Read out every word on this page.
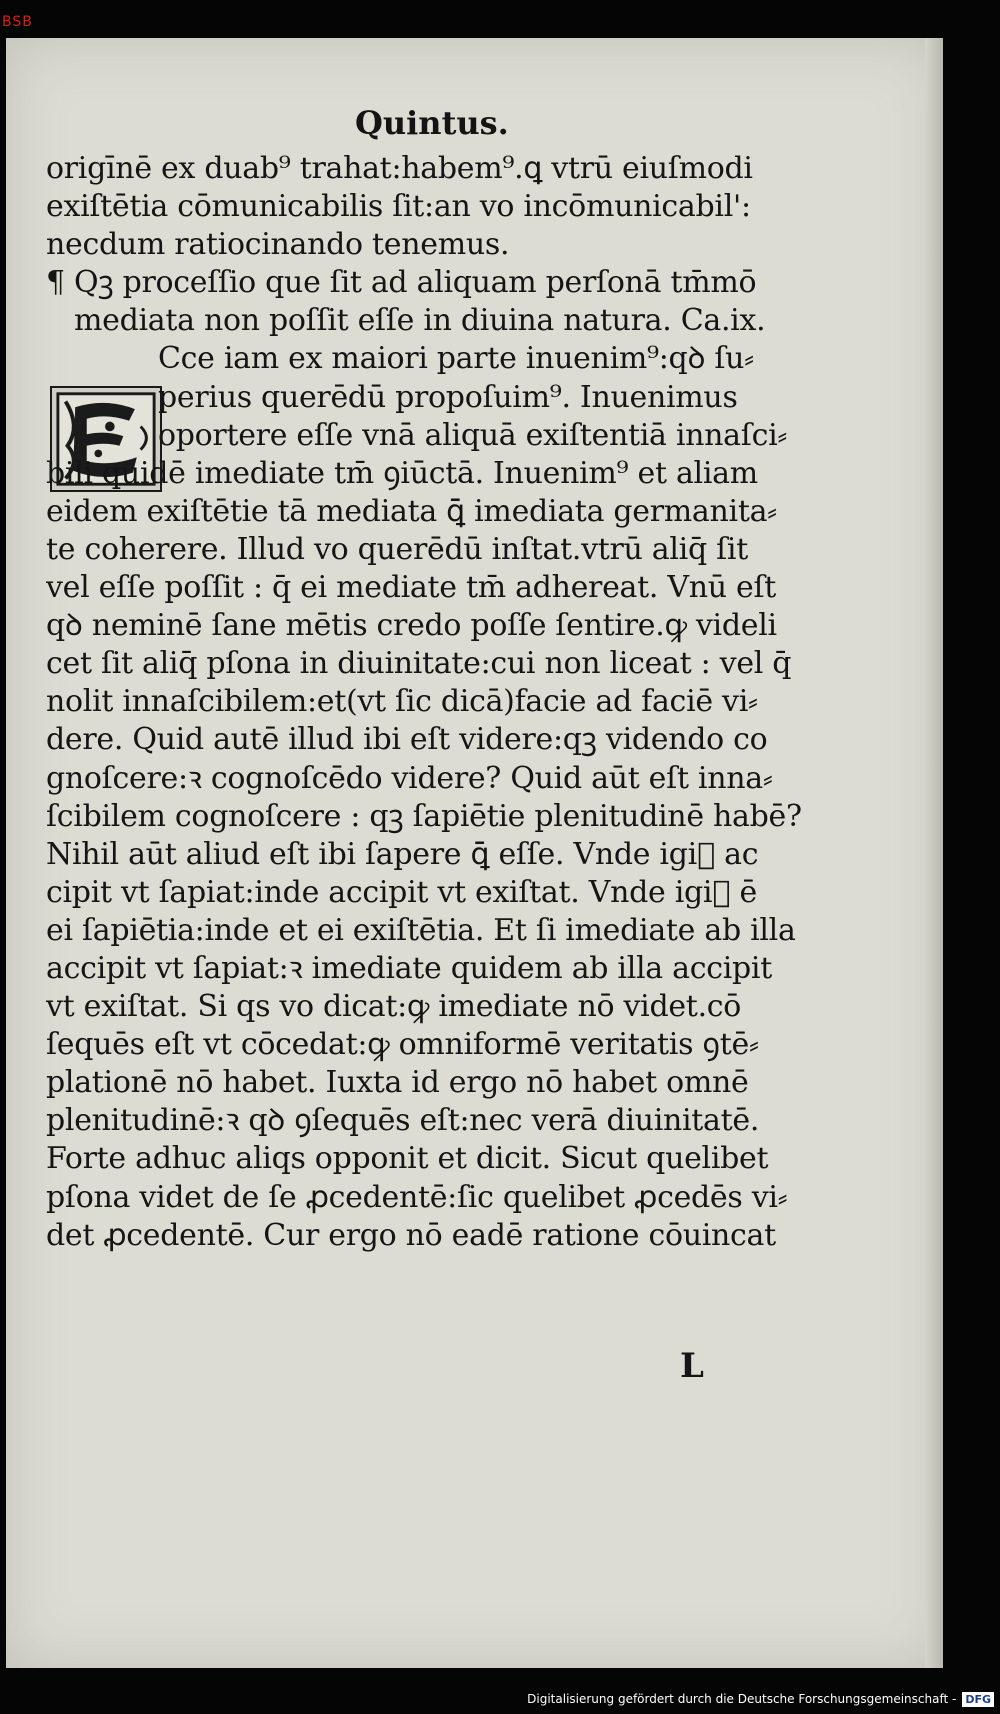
BSB
Quintus.
origīnē ex duab⁹ trahat:habem⁹.ꝗ vtrū eiuſmodi
exiſtētia cōmunicabilis ſit:an vo incōmunicabil':
necdum ratiocinando tenemus.
¶ Qꝫ proceſſio que ſit ad aliquam perſonā tm̄mō
mediata non poſſit eſſe in diuina natura. Ca.ix.
Cce iam ex maiori parte inuenim⁹:qꝺ ſu⸗
perius querēdū propoſuim⁹. Inuenimus
oportere eſſe vnā aliquā exiſtentiā innaſci⸗
bili quidē imediate tm̄ ꝯiūctā. Inuenim⁹ et aliam
eidem exiſtētie tā mediata ꝗ̄ imediata germanita⸗
te coherere. Illud vo querēdū inſtat.vtrū aliq̄ ſit
vel eſſe poſſit : q̄ ei mediate tm̄ adhereat. Vnū eſt
qꝺ neminē ſane mētis credo poſſe ſentire.ꝙ videli
cet ſit aliq̄ pſona in diuinitate:cui non liceat : vel q̄
nolit innaſcibilem:et(vt ſic dicā)facie ad faciē vi⸗
dere. Quid autē illud ibi eſt videre:qꝫ videndo co
gnoſcere:ꝛ cognoſcēdo videre? Quid aūt eſt inna⸗
ſcibilem cognoſcere : qꝫ ſapiētie plenitudinē habē?
Nihil aūt aliud eſt ibi ſapere ꝗ̄ eſſe. Vnde igi᷑ ac
cipit vt ſapiat:inde accipit vt exiſtat. Vnde igi᷑ ē
ei ſapiētia:inde et ei exiſtētia. Et ſi imediate ab illa
accipit vt ſapiat:ꝛ imediate quidem ab illa accipit
vt exiſtat. Si qs vo dicat:ꝙ imediate nō videt.cō
ſequēs eſt vt cōcedat:ꝙ omniformē veritatis ꝯtē⸗
plationē nō habet. Iuxta id ergo nō habet omnē
plenitudinē:ꝛ qꝺ ꝯſequēs eſt:nec verā diuinitatē.
Forte adhuc aliqs opponit et dicit. Sicut quelibet
pſona videt de ſe ꝓcedentē:ſic quelibet ꝓcedēs vi⸗
det ꝓcedentē. Cur ergo nō eadē ratione cōuincat
L
Digitalisierung gefördert durch die Deutsche Forschungsgemeinschaft - DFG
